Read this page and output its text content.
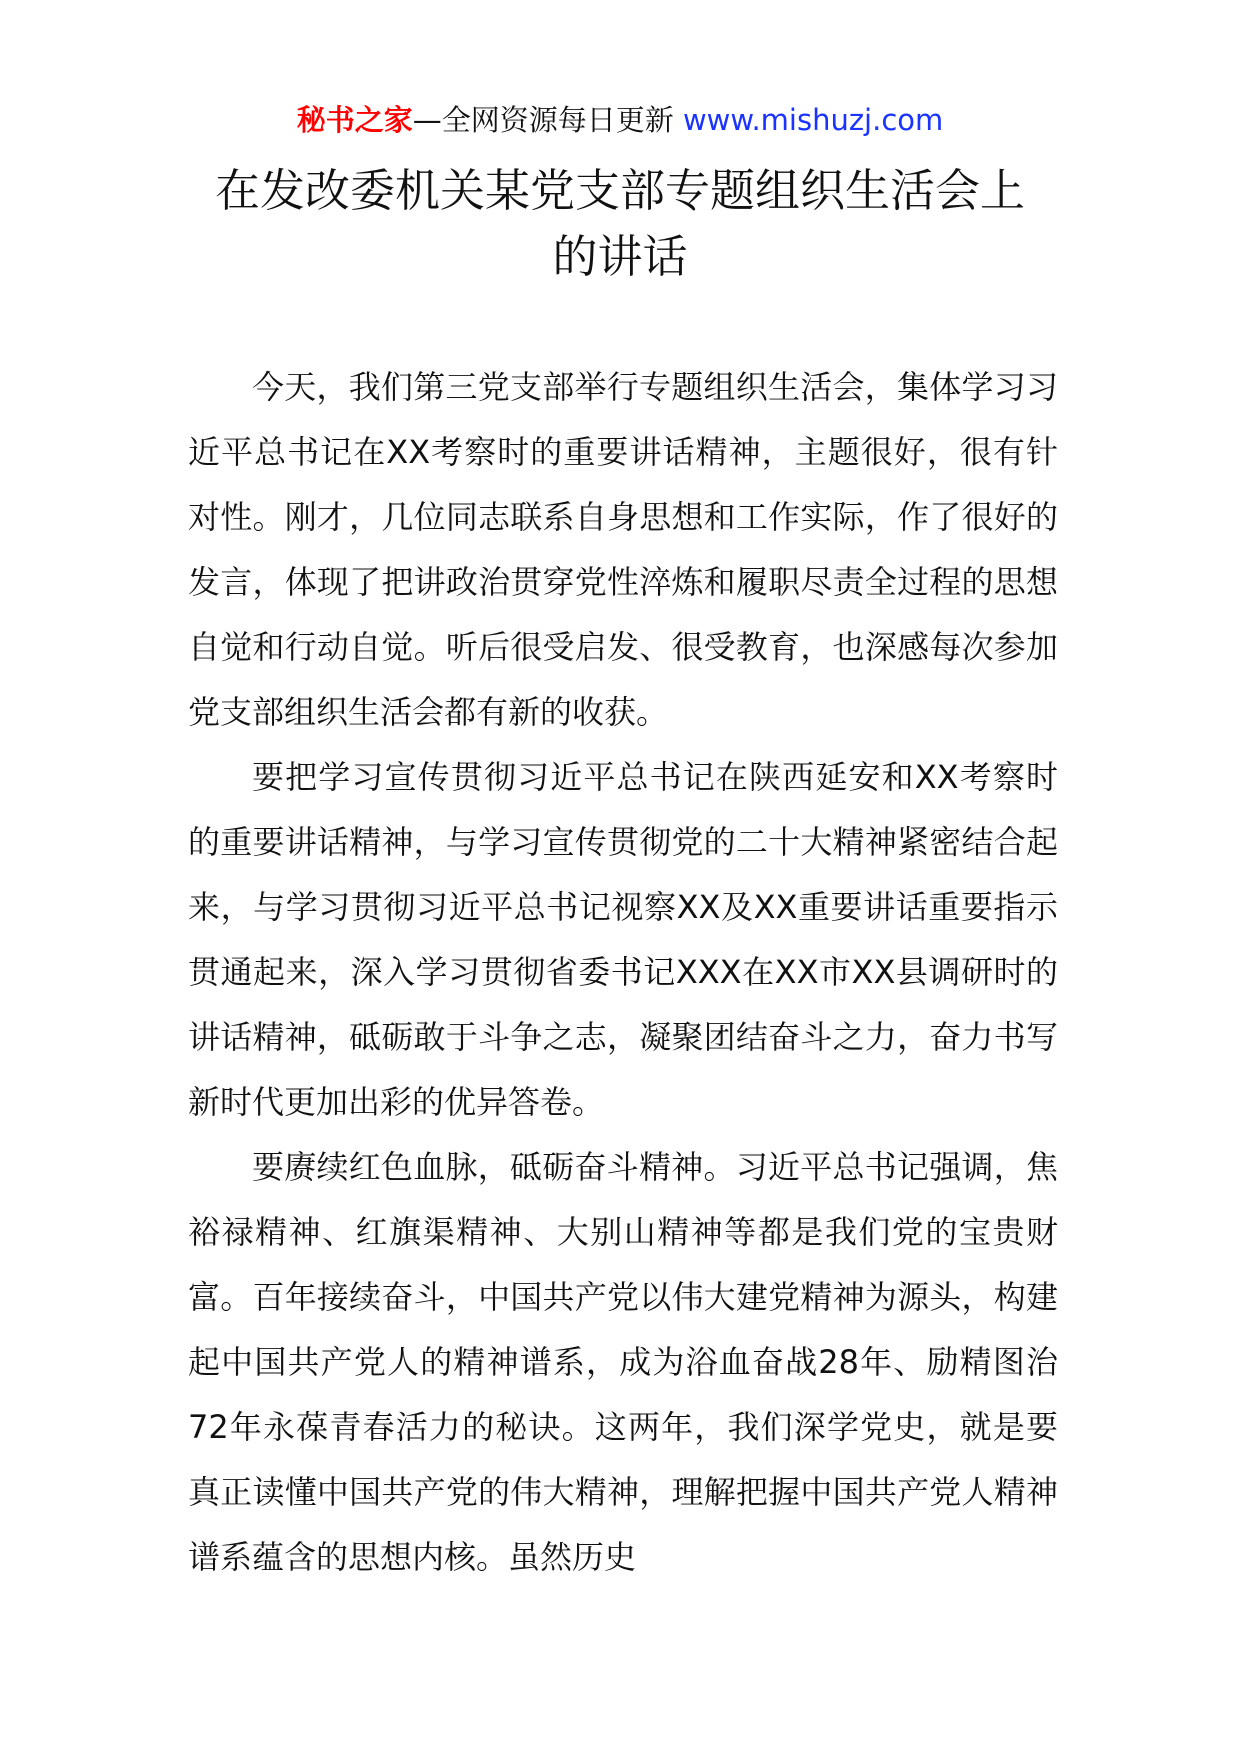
秘书之家—全网资源每日更新 www.mishuzj.com
在发改委机关某党支部专题组织生活会上
的讲话

今天，我们第三党支部举行专题组织生活会，集体学习习近平总书记在XX考察时的重要讲话精神，主题很好，很有针对性。刚才，几位同志联系自身思想和工作实际，作了很好的发言，体现了把讲政治贯穿党性淬炼和履职尽责全过程的思想自觉和行动自觉。听后很受启发、很受教育，也深感每次参加党支部组织生活会都有新的收获。

要把学习宣传贯彻习近平总书记在陕西延安和XX考察时的重要讲话精神，与学习宣传贯彻党的二十大精神紧密结合起来，与学习贯彻习近平总书记视察XX及XX重要讲话重要指示贯通起来，深入学习贯彻省委书记XXX在XX市XX县调研时的讲话精神，砥砺敢于斗争之志，凝聚团结奋斗之力，奋力书写新时代更加出彩的优异答卷。

要赓续红色血脉，砥砺奋斗精神。习近平总书记强调，焦裕禄精神、红旗渠精神、大别山精神等都是我们党的宝贵财富。百年接续奋斗，中国共产党以伟大建党精神为源头，构建起中国共产党人的精神谱系，成为浴血奋战28年、励精图治72年永葆青春活力的秘诀。这两年，我们深学党史，就是要真正读懂中国共产党的伟大精神，理解把握中国共产党人精神谱系蕴含的思想内核。虽然历史
